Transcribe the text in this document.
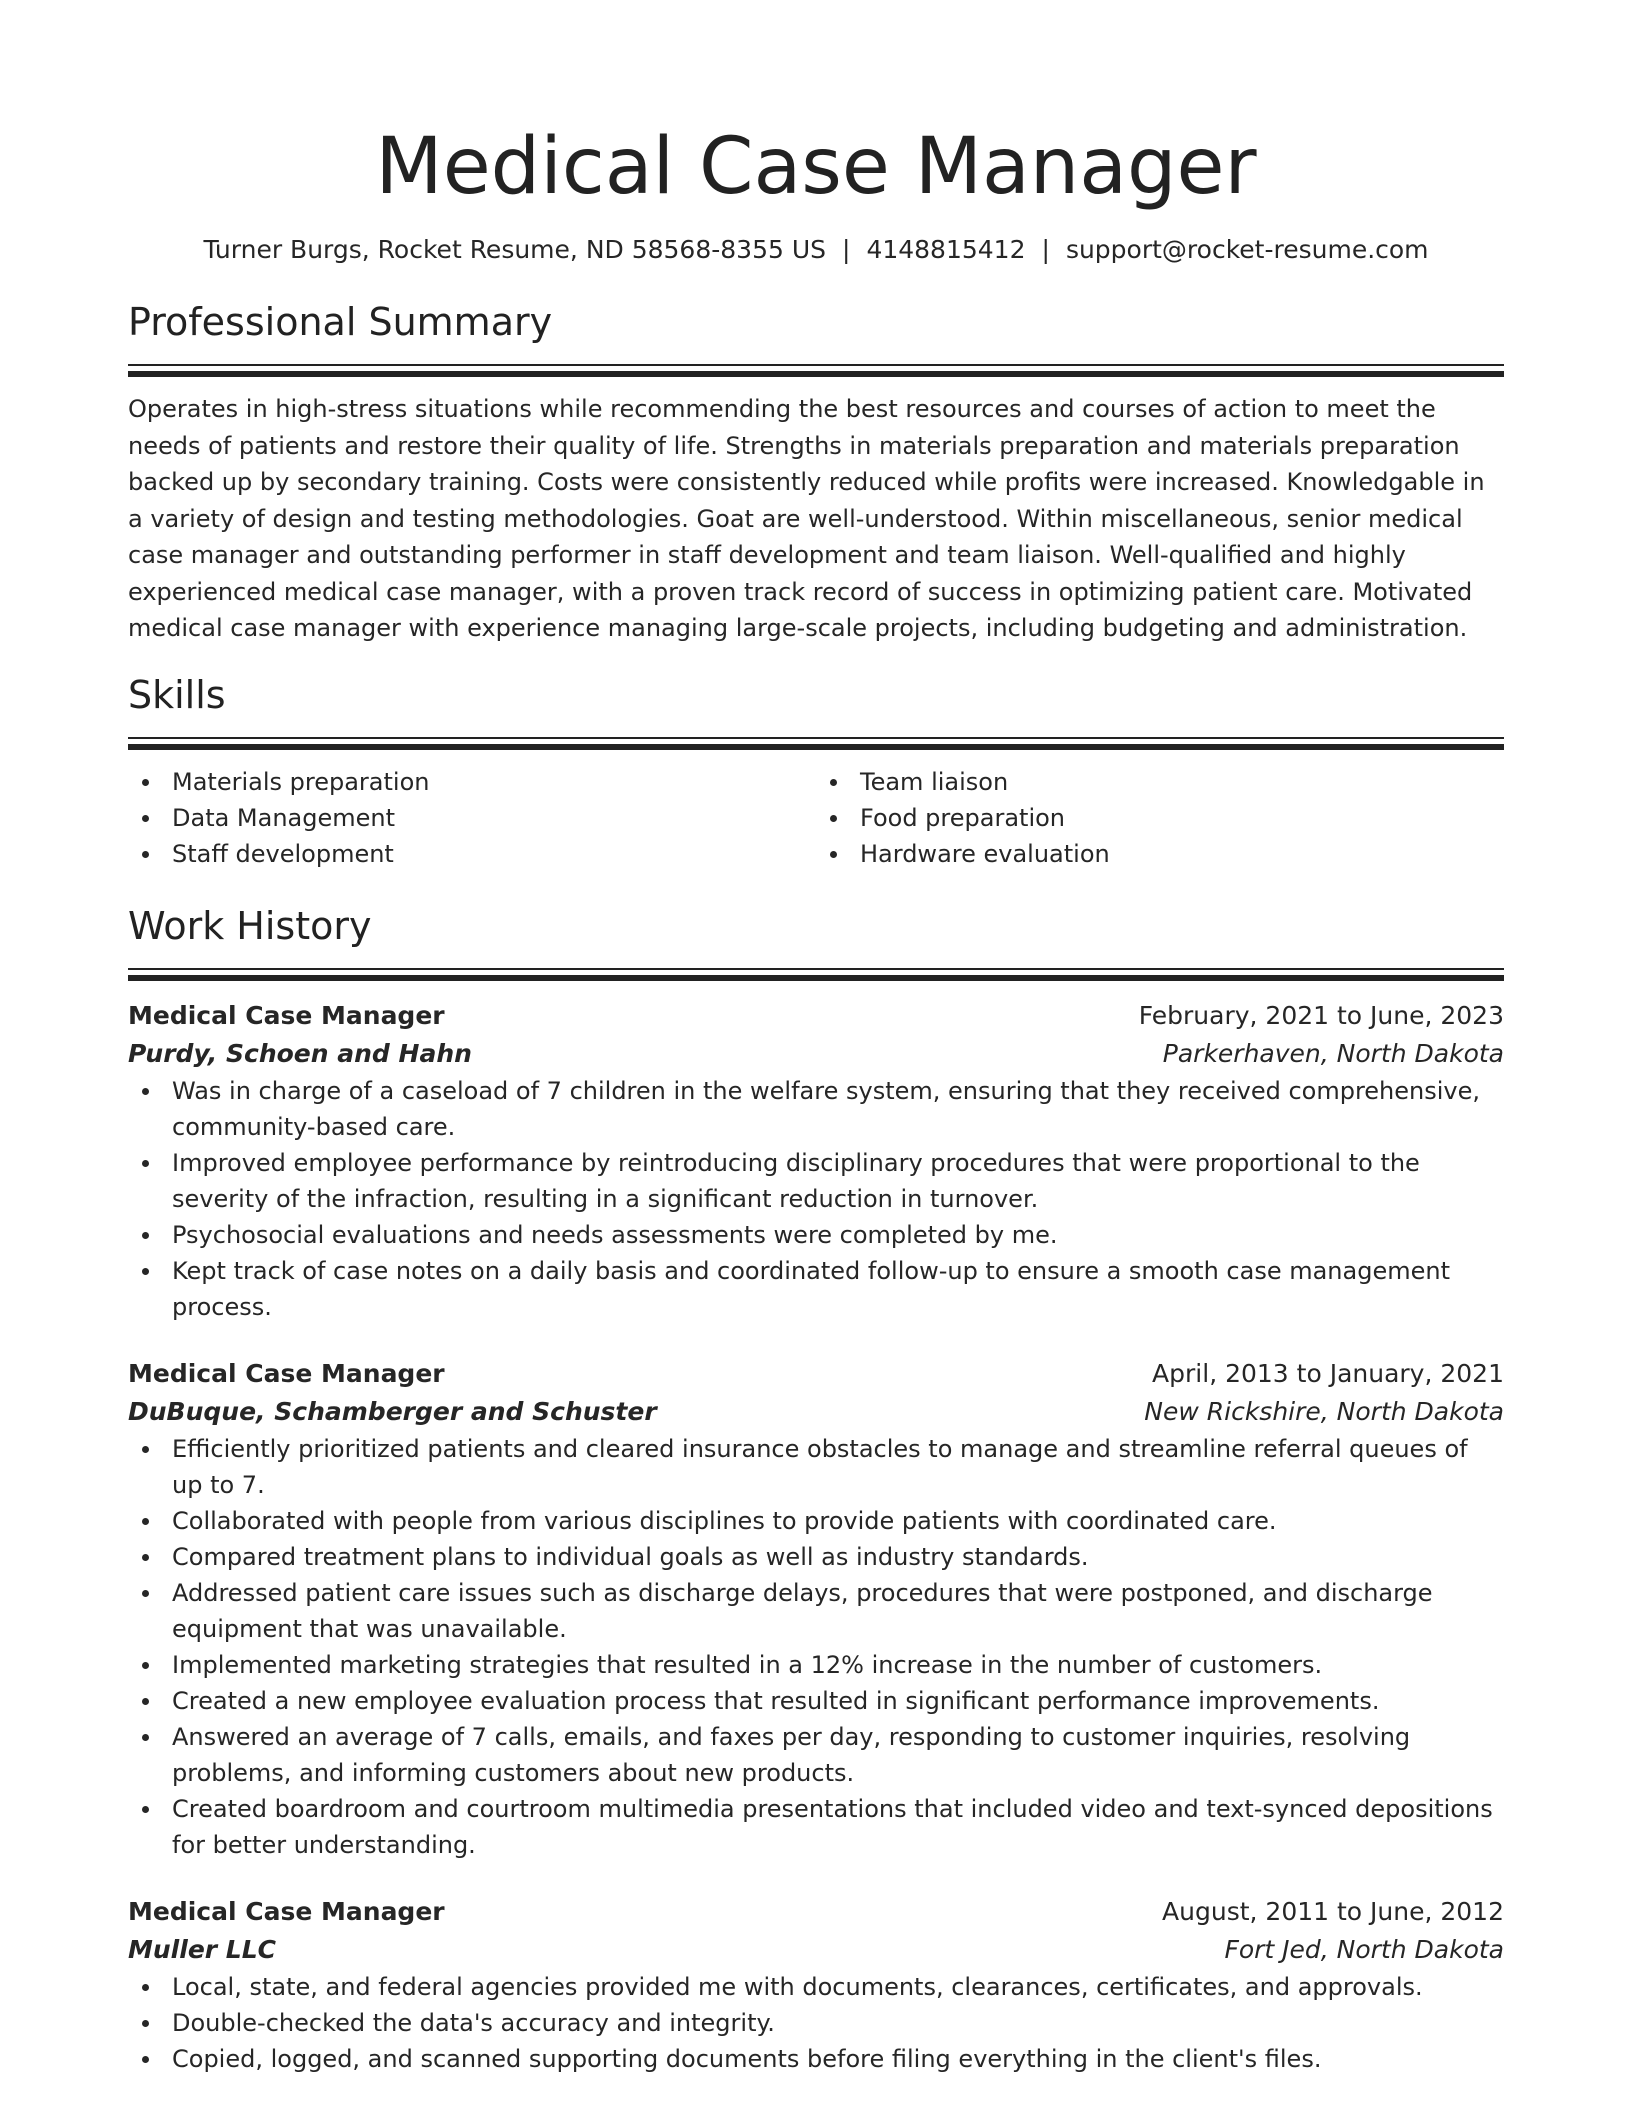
Medical Case Manager
Turner Burgs, Rocket Resume, ND 58568-8355 US | 4148815412 | support@rocket-resume.com
Professional Summary

Operates in high-stress situations while recommending the best resources and courses of action to meet the needs of patients and restore their quality of life. Strengths in materials preparation and materials preparation backed up by secondary training. Costs were consistently reduced while profits were increased. Knowledgable in a variety of design and testing methodologies. Goat are well-understood. Within miscellaneous, senior medical case manager and outstanding performer in staff development and team liaison. Well-qualified and highly experienced medical case manager, with a proven track record of success in optimizing patient care. Motivated medical case manager with experience managing large-scale projects, including budgeting and administration.

Skills
Materials preparation
Data Management
Staff development
Team liaison
Food preparation
Hardware evaluation
Work History
Medical Case Manager	February, 2021 to June, 2023
Purdy, Schoen and Hahn	Parkerhaven, North Dakota
Was in charge of a caseload of 7 children in the welfare system, ensuring that they received comprehensive, community-based care.
Improved employee performance by reintroducing disciplinary procedures that were proportional to the severity of the infraction, resulting in a significant reduction in turnover.
Psychosocial evaluations and needs assessments were completed by me.
Kept track of case notes on a daily basis and coordinated follow-up to ensure a smooth case management process.
Medical Case Manager	April, 2013 to January, 2021
DuBuque, Schamberger and Schuster	New Rickshire, North Dakota
Efficiently prioritized patients and cleared insurance obstacles to manage and streamline referral queues of up to 7.
Collaborated with people from various disciplines to provide patients with coordinated care.
Compared treatment plans to individual goals as well as industry standards.
Addressed patient care issues such as discharge delays, procedures that were postponed, and discharge equipment that was unavailable.
Implemented marketing strategies that resulted in a 12% increase in the number of customers.
Created a new employee evaluation process that resulted in significant performance improvements.
Answered an average of 7 calls, emails, and faxes per day, responding to customer inquiries, resolving problems, and informing customers about new products.
Created boardroom and courtroom multimedia presentations that included video and text-synced depositions for better understanding.
Medical Case Manager	August, 2011 to June, 2012
Muller LLC	Fort Jed, North Dakota
Local, state, and federal agencies provided me with documents, clearances, certificates, and approvals.
Double-checked the data's accuracy and integrity.
Copied, logged, and scanned supporting documents before filing everything in the client's files.
